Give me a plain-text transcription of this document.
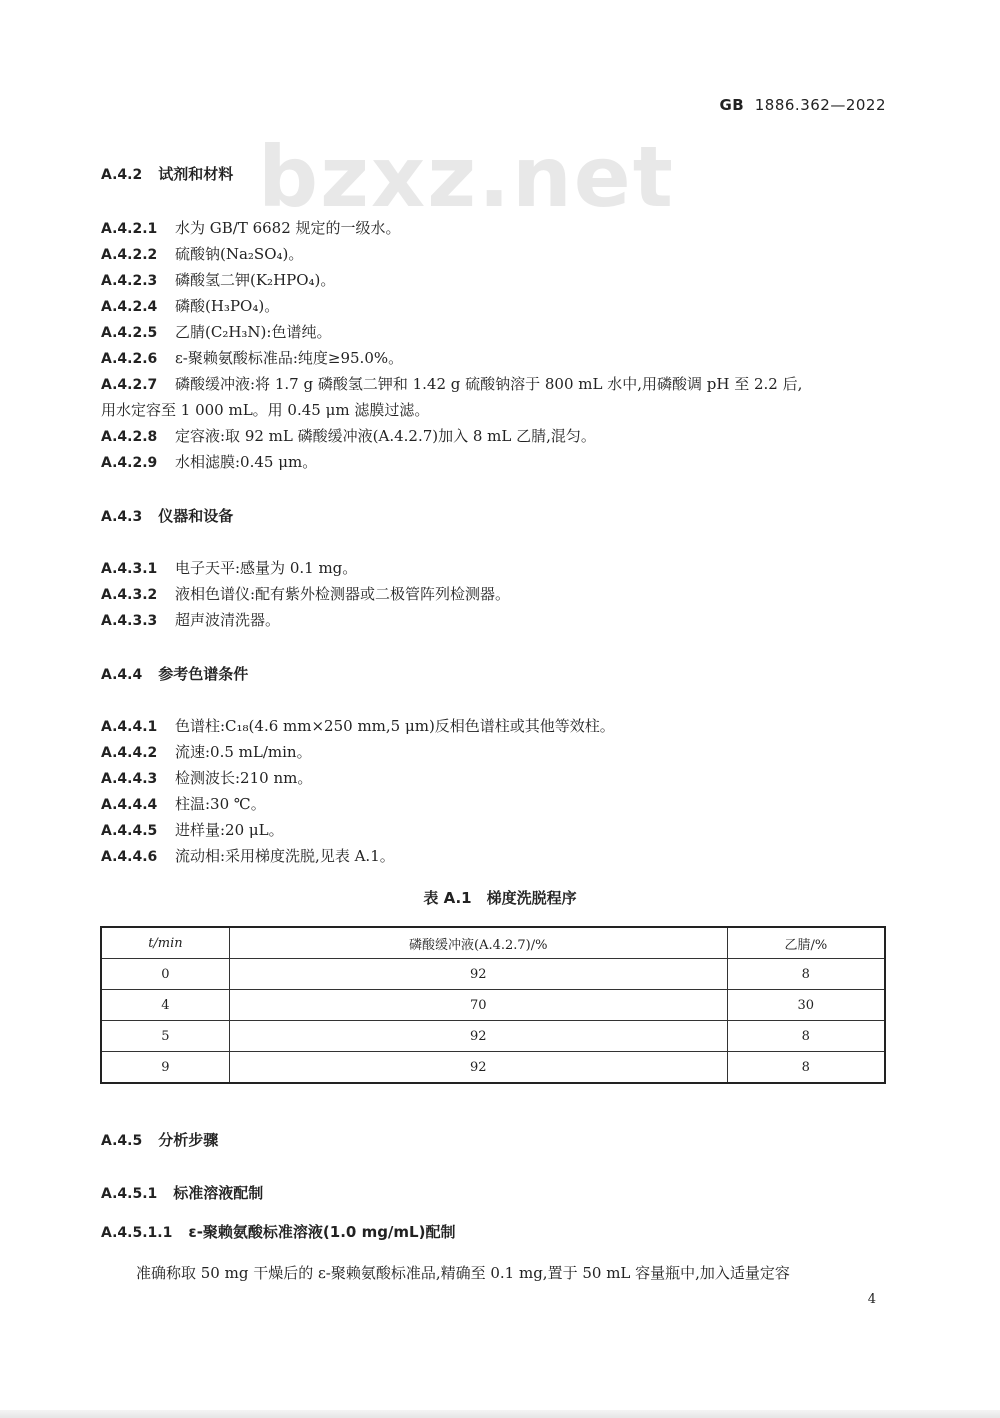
GB 1886.362—2022
bzxz.net
A.4.2 试剂和材料
A.4.2.1 水为 GB/T 6682 规定的一级水。
A.4.2.2 硫酸钠(Na₂SO₄)。
A.4.2.3 磷酸氢二钾(K₂HPO₄)。
A.4.2.4 磷酸(H₃PO₄)。
A.4.2.5 乙腈(C₂H₃N):色谱纯。
A.4.2.6 ε-聚赖氨酸标准品:纯度≥95.0%。
A.4.2.7 磷酸缓冲液:将 1.7 g 磷酸氢二钾和 1.42 g 硫酸钠溶于 800 mL 水中,用磷酸调 pH 至 2.2 后,
用水定容至 1 000 mL。用 0.45 μm 滤膜过滤。
A.4.2.8 定容液:取 92 mL 磷酸缓冲液(A.4.2.7)加入 8 mL 乙腈,混匀。
A.4.2.9 水相滤膜:0.45 μm。
A.4.3 仪器和设备
A.4.3.1 电子天平:感量为 0.1 mg。
A.4.3.2 液相色谱仪:配有紫外检测器或二极管阵列检测器。
A.4.3.3 超声波清洗器。
A.4.4 参考色谱条件
A.4.4.1 色谱柱:C₁₈(4.6 mm×250 mm,5 μm)反相色谱柱或其他等效柱。
A.4.4.2 流速:0.5 mL/min。
A.4.4.3 检测波长:210 nm。
A.4.4.4 柱温:30 ℃。
A.4.4.5 进样量:20 μL。
A.4.4.6 流动相:采用梯度洗脱,见表 A.1。
表 A.1　梯度洗脱程序
t/min	磷酸缓冲液(A.4.2.7)/%	乙腈/%
0	92	8
4	70	30
5	92	8
9	92	8
A.4.5 分析步骤
A.4.5.1 标准溶液配制
A.4.5.1.1 ε-聚赖氨酸标准溶液(1.0 mg/mL)配制
准确称取 50 mg 干燥后的 ε-聚赖氨酸标准品,精确至 0.1 mg,置于 50 mL 容量瓶中,加入适量定容
4
